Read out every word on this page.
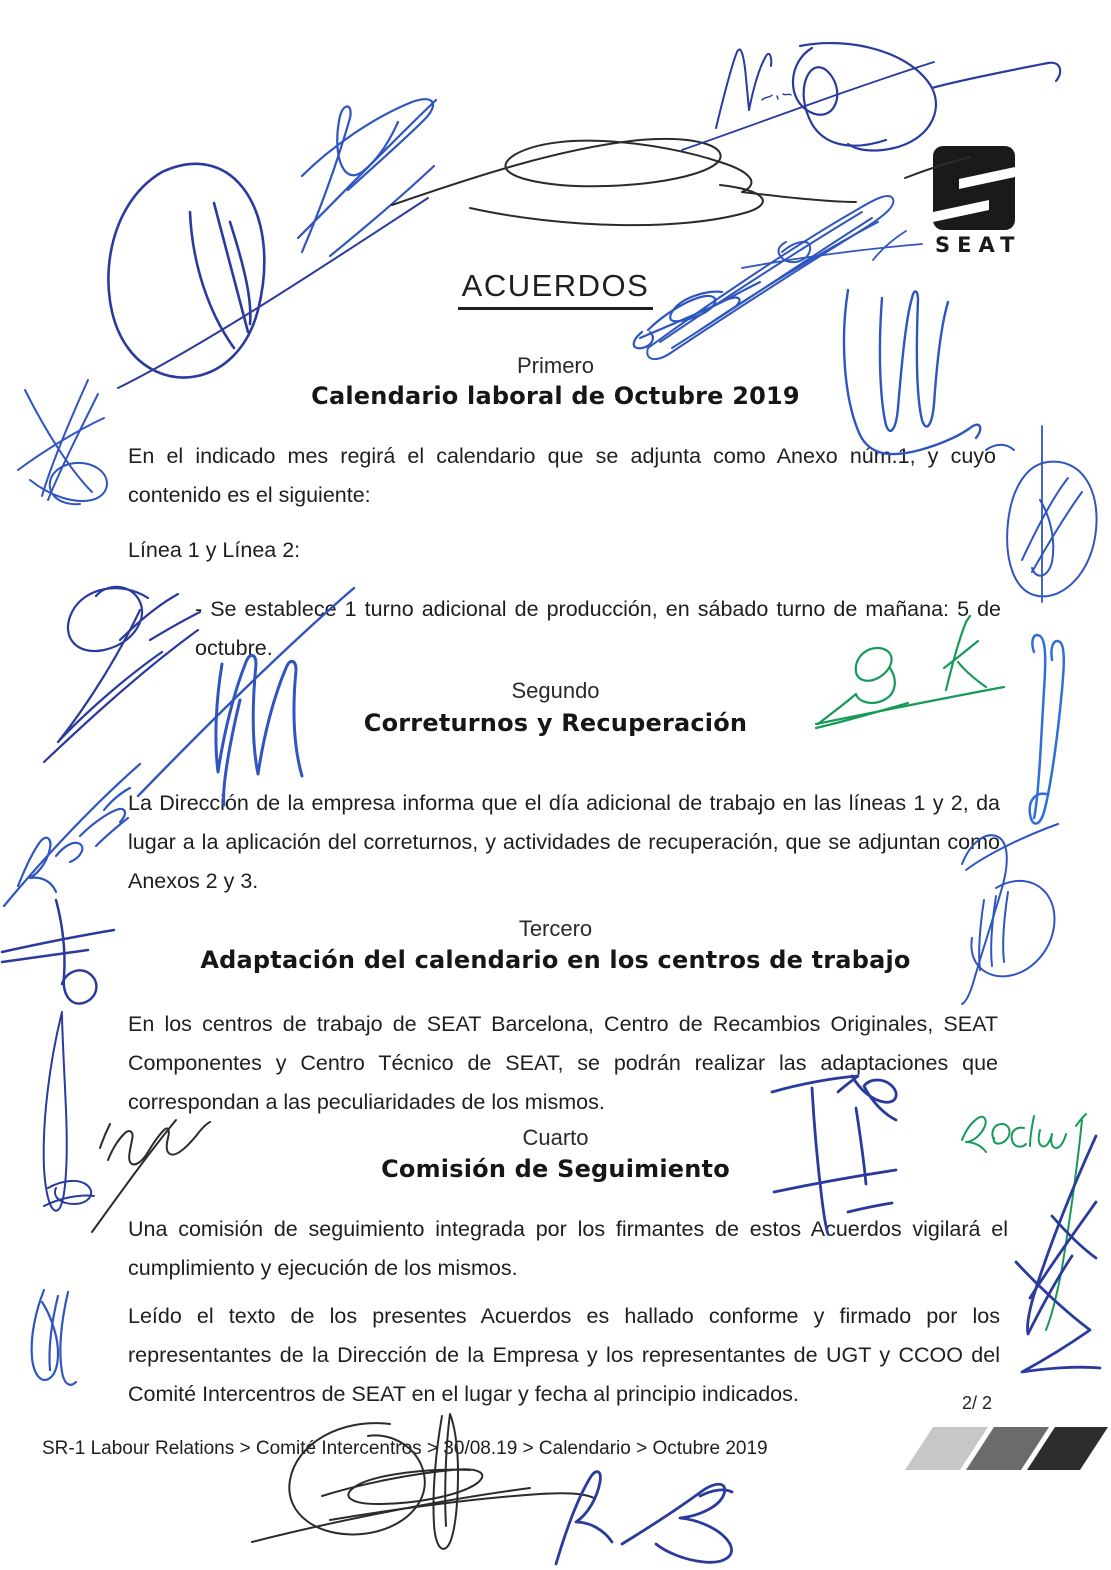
SEAT
ACUERDOS
Primero
Calendario laboral de Octubre 2019
En el indicado mes regirá el calendario que se adjunta como Anexo núm.1, y cuyo contenido es el siguiente:
Línea 1 y Línea 2:
- Se establece 1 turno adicional de producción, en sábado turno de mañana: 5 de octubre.
Segundo
Correturnos y Recuperación
La Dirección de la empresa informa que el día adicional de trabajo en las líneas 1 y 2, da lugar a la aplicación del correturnos, y actividades de recuperación, que se adjuntan como Anexos 2 y 3.
Tercero
Adaptación del calendario en los centros de trabajo
En los centros de trabajo de SEAT Barcelona, Centro de Recambios Originales, SEAT Componentes y Centro Técnico de SEAT, se podrán realizar las adaptaciones que correspondan a las peculiaridades de los mismos.
Cuarto
Comisión de Seguimiento
Una comisión de seguimiento integrada por los firmantes de estos Acuerdos vigilará el cumplimiento y ejecución de los mismos.
Leído el texto de los presentes Acuerdos es hallado conforme y firmado por los representantes de la Dirección de la Empresa y los representantes de UGT y CCOO del Comité Intercentros de SEAT en el lugar y fecha al principio indicados.	2/ 2
SR-1 Labour Relations > Comité Intercentros > 30/08.19 > Calendario > Octubre 2019
